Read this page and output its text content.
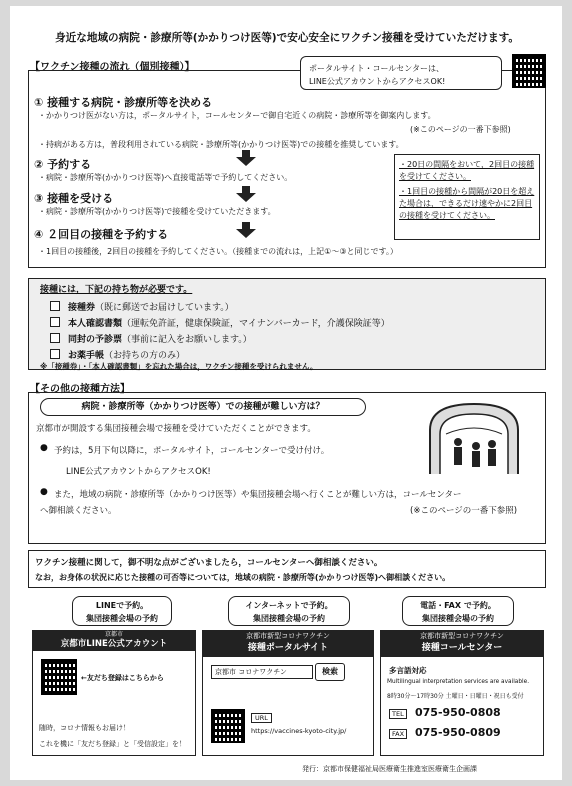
身近な地域の病院・診療所等(かかりつけ医等)で安心安全にワクチン接種を受けていただけます。
【ワクチン接種の流れ（個別接種）】	ポータルサイト・コールセンターは、
LINE公式アカウントからアクセスOK!
① 接種する病院・診療所等を決める
・かかりつけ医がない方は，ポータルサイト，コールセンターで御自宅近くの病院・診療所等を御案内します。
(※このページの一番下参照)
・持病がある方は，普段利用されている病院・診療所等(かかりつけ医等)での接種を推奨しています。
② 予約する
・病院・診療所等(かかりつけ医等)へ直接電話等で予約してください。
③ 接種を受ける
・病院・診療所等(かかりつけ医等)で接種を受けていただきます。
④ ２回目の接種を予約する
・1回目の接種後，2回目の接種を予約してください。（接種までの流れは，上記①〜③と同じです。）
・20日の間隔をおいて，2回目の接種を受けてください。
・1回目の接種から間隔が20日を超えた場合は，できるだけ速やかに2回目の接種を受けてください。
接種には，下記の持ち物が必要です。
接種券（既に郵送でお届けしています。）
本人確認書類（運転免許証，健康保険証，マイナンバーカード，介護保険証等）
同封の予診票（事前に記入をお願いします。）
お薬手帳（お持ちの方のみ）
※「接種券」・「本人確認書類」を忘れた場合は，ワクチン接種を受けられません。
【その他の接種方法】
病院・診療所等（かかりつけ医等）での接種が難しい方は？
京都市が開設する集団接種会場で接種を受けていただくことができます。
● 予約は，5月下旬以降に，ポータルサイト，コールセンターで受け付け。
LINE公式アカウントからアクセスOK!
● また，地域の病院・診療所等（かかりつけ医等）や集団接種会場へ行くことが難しい方は，コールセンター
へ御相談ください。	(※このページの一番下参照)
ワクチン接種に関して，御不明な点がございましたら，コールセンターへ御相談ください。
なお，お身体の状況に応じた接種の可否等については，地域の病院・診療所等(かかりつけ医等)へ御相談ください。
LINEで予約。
集団接種会場の予約
インターネットで予約。
集団接種会場の予約
電話・FAX で予約。
集団接種会場の予約
京都市
京都市LINE公式アカウント
←友だち登録はこちらから
随時，コロナ情報もお届け！
これを機に「友だち登録」と「受信設定」を！
京都市新型コロナワクチン
接種ポータルサイト
京都市 コロナワクチン	検索
URL
https://vaccines-kyoto-city.jp/
京都市新型コロナワクチン
接種コールセンター
多言語対応
Multilingual interpretation services are available.
8時30分〜17時30分 土曜日・日曜日・祝日も受付
TEL 075-950-0808
FAX 075-950-0809
発行：京都市保健福祉局医療衛生推進室医療衛生企画課
